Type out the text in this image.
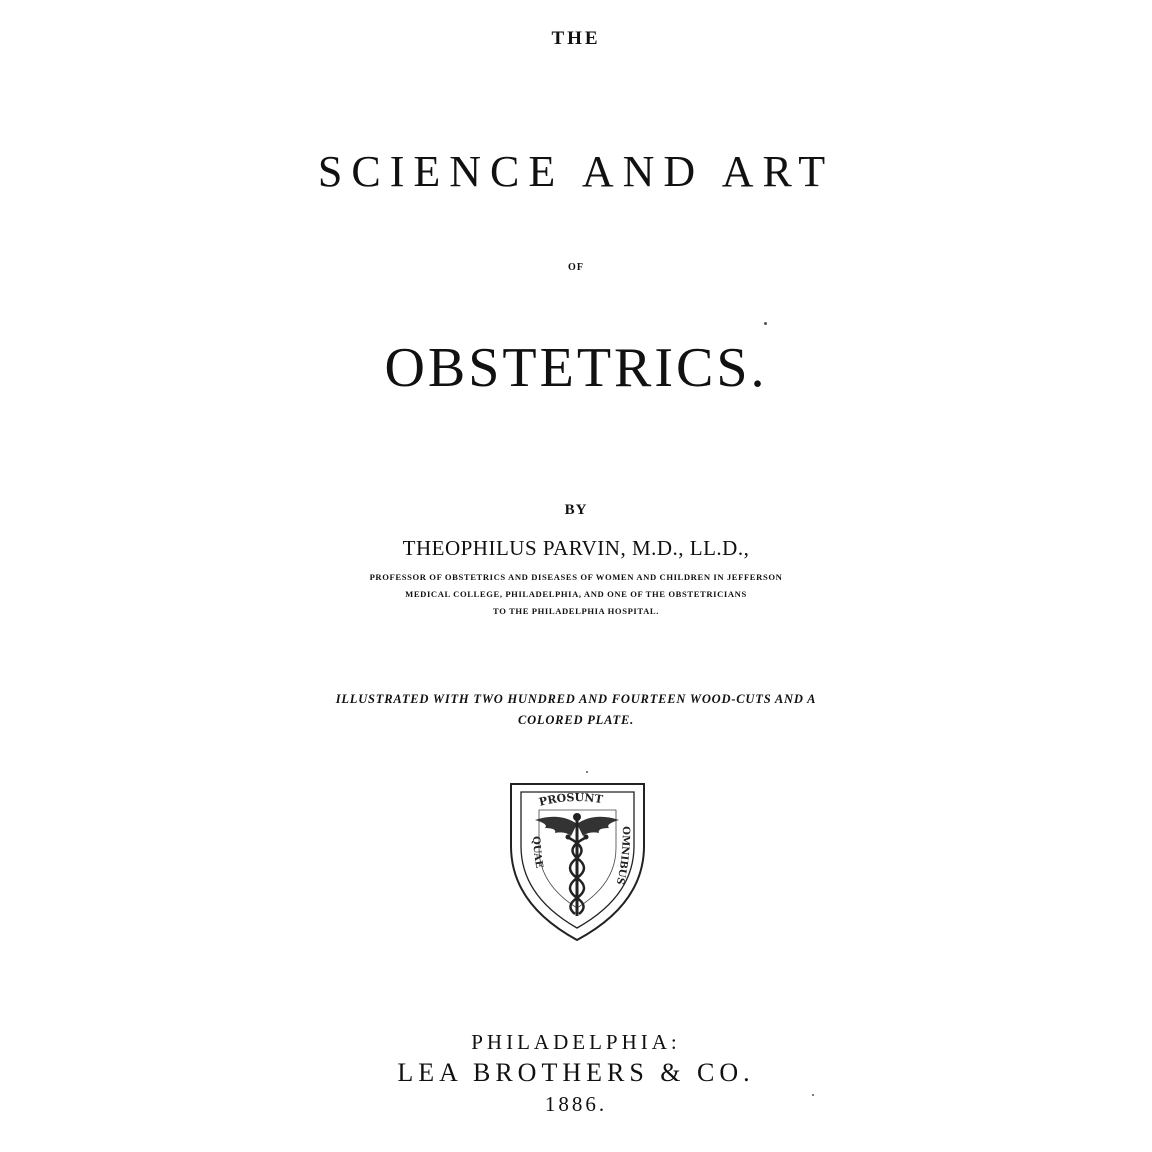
THE
SCIENCE AND ART
OF
OBSTETRICS.
BY
THEOPHILUS PARVIN, M.D., LL.D.,
PROFESSOR OF OBSTETRICS AND DISEASES OF WOMEN AND CHILDREN IN JEFFERSON
MEDICAL COLLEGE, PHILADELPHIA, AND ONE OF THE OBSTETRICIANS
TO THE PHILADELPHIA HOSPITAL.
ILLUSTRATED WITH TWO HUNDRED AND FOURTEEN WOOD-CUTS AND A
COLORED PLATE.
PROSUNT
QUAE
OMNIBUS
PHILADELPHIA:
LEA BROTHERS & CO.
1886.
